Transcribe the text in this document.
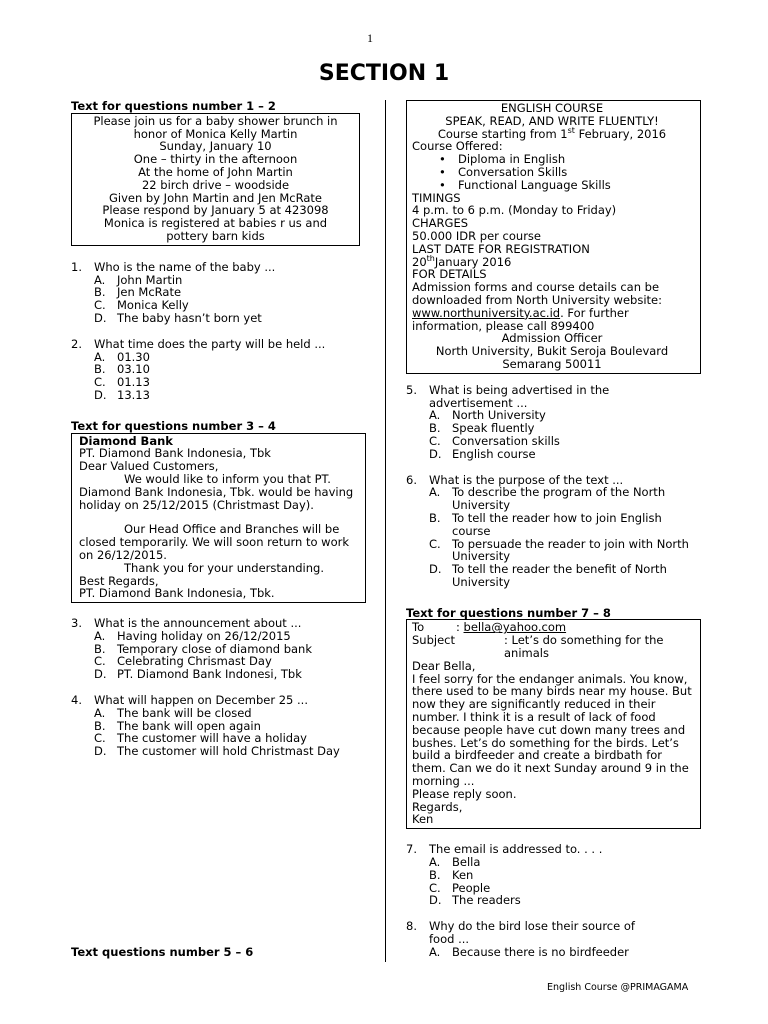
1
SECTION 1

Text for questions number 1 – 2

Please join us for a baby shower brunch in
honor of Monica Kelly Martin
Sunday, January 10
One – thirty in the afternoon
At the home of John Martin
22 birch drive – woodside
Given by John Martin and Jen McRate
Please respond by January 5 at 423098
Monica is registered at babies r us and
pottery barn kids
1. Who is the name of the baby ...
A. John Martin
B. Jen McRate
C. Monica Kelly
D. The baby hasn’t born yet
2. What time does the party will be held ...
A. 01.30
B. 03.10
C. 01.13
D. 13.13

Text for questions number 3 – 4

Diamond Bank
PT. Diamond Bank Indonesia, Tbk
Dear Valued Customers,
We would like to inform you that PT. Diamond Bank Indonesia, Tbk. would be having holiday on 25/12/2015 (Christmast Day).
Our Head Office and Branches will be closed temporarily. We will soon return to work on 26/12/2015.
Thank you for your understanding.
Best Regards,
PT. Diamond Bank Indonesia, Tbk.
3. What is the announcement about ...
A. Having holiday on 26/12/2015
B. Temporary close of diamond bank
C. Celebrating Chrismast Day
D. PT. Diamond Bank Indonesi, Tbk
4. What will happen on December 25 ...
A. The bank will be closed
B. The bank will open again
C. The customer will have a holiday
D. The customer will hold Christmast Day

Text questions number 5 – 6

ENGLISH COURSE
SPEAK, READ, AND WRITE FLUENTLY!
Course starting from 1st February, 2016
Course Offered:
• Diploma in English
• Conversation Skills
• Functional Language Skills
TIMINGS
4 p.m. to 6 p.m. (Monday to Friday)
CHARGES
50.000 IDR per course
LAST DATE FOR REGISTRATION
20thJanuary 2016
FOR DETAILS
Admission forms and course details can be downloaded from North University website: www.northuniversity.ac.id. For further information, please call 899400
Admission Officer
North University, Bukit Seroja Boulevard
Semarang 50011
5. What is being advertised in the advertisement ...
A. North University
B. Speak fluently
C. Conversation skills
D. English course
6. What is the purpose of the text ...
A. To describe the program of the North University
B. To tell the reader how to join English course
C. To persuade the reader to join with North University
D. To tell the reader the benefit of North University

Text for questions number 7 – 8

To	: bella@yahoo.com
Subject	: Let’s do something for the animals
Dear Bella,
I feel sorry for the endanger animals. You know, there used to be many birds near my house. But now they are significantly reduced in their number. I think it is a result of lack of food because people have cut down many trees and bushes. Let’s do something for the birds. Let’s build a birdfeeder and create a birdbath for them. Can we do it next Sunday around 9 in the morning ...
Please reply soon.
Regards,
Ken
7. The email is addressed to. . . .
A. Bella
B. Ken
C. People
D. The readers
8. Why do the bird lose their source of food ...
A. Because there is no birdfeeder
English Course @PRIMAGAMA
